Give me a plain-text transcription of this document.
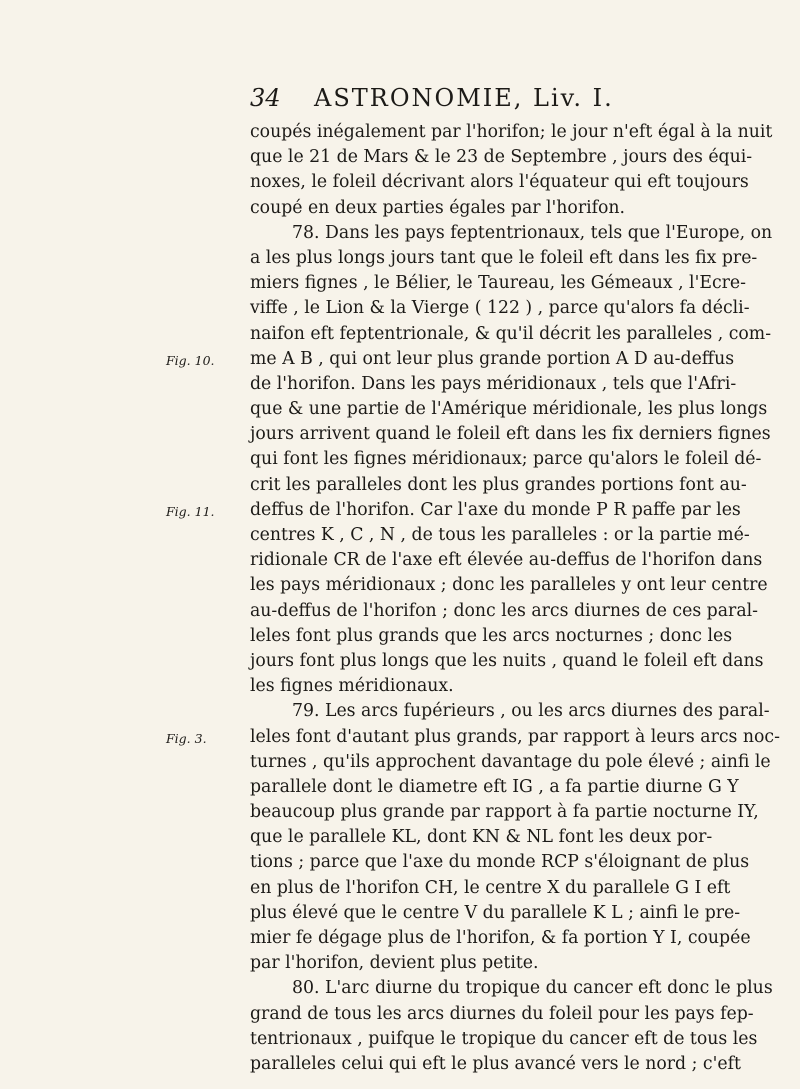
34 ASTRONOMIE, Liv. I.
Fig. 10.
Fig. 11.
Fig. 3.
coupés inégalement par l'horifon; le jour n'eft égal à la nuit
que le 21 de Mars & le 23 de Septembre , jours des équi-
noxes, le foleil décrivant alors l'équateur qui eft toujours
coupé en deux parties égales par l'horifon.
78. Dans les pays feptentrionaux, tels que l'Europe, on
a les plus longs jours tant que le foleil eft dans les fix pre-
miers fignes , le Bélier, le Taureau, les Gémeaux , l'Ecre-
viffe , le Lion & la Vierge ( 122 ) , parce qu'alors fa décli-
naifon eft feptentrionale, & qu'il décrit les paralleles , com-
me A B , qui ont leur plus grande portion A D au-deffus
de l'horifon. Dans les pays méridionaux , tels que l'Afri-
que & une partie de l'Amérique méridionale, les plus longs
jours arrivent quand le foleil eft dans les fix derniers fignes
qui font les fignes méridionaux; parce qu'alors le foleil dé-
crit les paralleles dont les plus grandes portions font au-
deffus de l'horifon. Car l'axe du monde P R paffe par les
centres K , C , N , de tous les paralleles : or la partie mé-
ridionale CR de l'axe eft élevée au-deffus de l'horifon dans
les pays méridionaux ; donc les paralleles y ont leur centre
au-deffus de l'horifon ; donc les arcs diurnes de ces paral-
leles font plus grands que les arcs nocturnes ; donc les
jours font plus longs que les nuits , quand le foleil eft dans
les fignes méridionaux.
79. Les arcs fupérieurs , ou les arcs diurnes des paral-
leles font d'autant plus grands, par rapport à leurs arcs noc-
turnes , qu'ils approchent davantage du pole élevé ; ainfi le
parallele dont le diametre eft IG , a fa partie diurne G Y
beaucoup plus grande par rapport à fa partie nocturne IY,
que le parallele KL, dont KN & NL font les deux por-
tions ; parce que l'axe du monde RCP s'éloignant de plus
en plus de l'horifon CH, le centre X du parallele G I eft
plus élevé que le centre V du parallele K L ; ainfi le pre-
mier fe dégage plus de l'horifon, & fa portion Y I, coupée
par l'horifon, devient plus petite.
80. L'arc diurne du tropique du cancer eft donc le plus
grand de tous les arcs diurnes du foleil pour les pays fep-
tentrionaux , puifque le tropique du cancer eft de tous les
paralleles celui qui eft le plus avancé vers le nord ; c'eft
